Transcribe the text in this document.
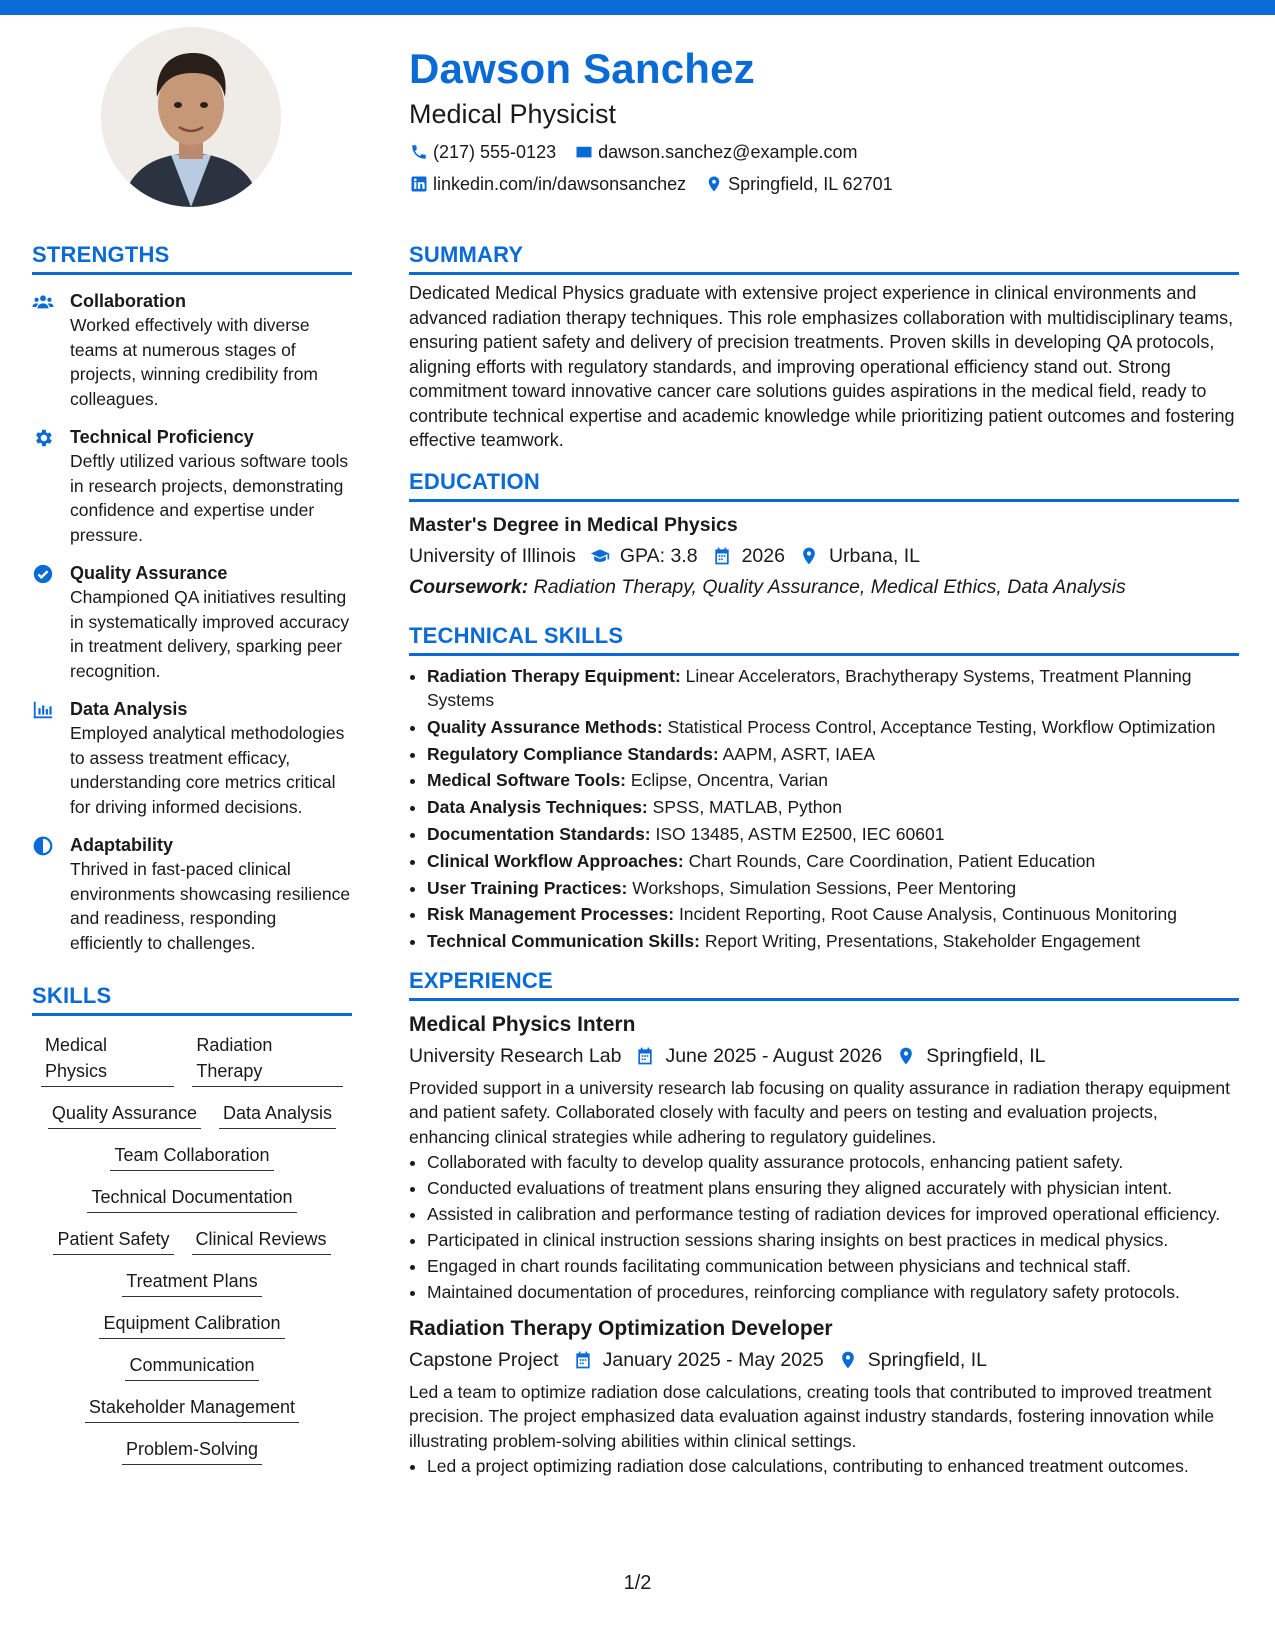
Dawson Sanchez
Medical Physicist
(217) 555-0123 dawson.sanchez@example.com
linkedin.com/in/dawsonsanchez Springfield, IL 62701
STRENGTHS
Collaboration
Worked effectively with diverse teams at numerous stages of projects, winning credibility from colleagues.
Technical Proficiency
Deftly utilized various software tools in research projects, demonstrating confidence and expertise under pressure.
Quality Assurance
Championed QA initiatives resulting in systematically improved accuracy in treatment delivery, sparking peer recognition.
Data Analysis
Employed analytical methodologies to assess treatment efficacy, understanding core metrics critical for driving informed decisions.
Adaptability
Thrived in fast-paced clinical environments showcasing resilience and readiness, responding efficiently to challenges.
SKILLS
Medical Physics
Radiation Therapy
Quality Assurance Data Analysis
Team Collaboration
Technical Documentation
Patient Safety Clinical Reviews
Treatment Plans
Equipment Calibration
Communication
Stakeholder Management
Problem-Solving
SUMMARY
Dedicated Medical Physics graduate with extensive project experience in clinical environments and advanced radiation therapy techniques. This role emphasizes collaboration with multidisciplinary teams, ensuring patient safety and delivery of precision treatments. Proven skills in developing QA protocols, aligning efforts with regulatory standards, and improving operational efficiency stand out. Strong commitment toward innovative cancer care solutions guides aspirations in the medical field, ready to contribute technical expertise and academic knowledge while prioritizing patient outcomes and fostering effective teamwork.
EDUCATION
Master's Degree in Medical Physics
University of Illinois GPA: 3.8 2026 Urbana, IL
Coursework: Radiation Therapy, Quality Assurance, Medical Ethics, Data Analysis
TECHNICAL SKILLS
• Radiation Therapy Equipment: Linear Accelerators, Brachytherapy Systems, Treatment Planning Systems
• Quality Assurance Methods: Statistical Process Control, Acceptance Testing, Workflow Optimization
• Regulatory Compliance Standards: AAPM, ASRT, IAEA
• Medical Software Tools: Eclipse, Oncentra, Varian
• Data Analysis Techniques: SPSS, MATLAB, Python
• Documentation Standards: ISO 13485, ASTM E2500, IEC 60601
• Clinical Workflow Approaches: Chart Rounds, Care Coordination, Patient Education
• User Training Practices: Workshops, Simulation Sessions, Peer Mentoring
• Risk Management Processes: Incident Reporting, Root Cause Analysis, Continuous Monitoring
• Technical Communication Skills: Report Writing, Presentations, Stakeholder Engagement
EXPERIENCE
Medical Physics Intern
University Research Lab June 2025 - August 2026 Springfield, IL
Provided support in a university research lab focusing on quality assurance in radiation therapy equipment and patient safety. Collaborated closely with faculty and peers on testing and evaluation projects, enhancing clinical strategies while adhering to regulatory guidelines.
• Collaborated with faculty to develop quality assurance protocols, enhancing patient safety.
• Conducted evaluations of treatment plans ensuring they aligned accurately with physician intent.
• Assisted in calibration and performance testing of radiation devices for improved operational efficiency.
• Participated in clinical instruction sessions sharing insights on best practices in medical physics.
• Engaged in chart rounds facilitating communication between physicians and technical staff.
• Maintained documentation of procedures, reinforcing compliance with regulatory safety protocols.
Radiation Therapy Optimization Developer
Capstone Project January 2025 - May 2025 Springfield, IL
Led a team to optimize radiation dose calculations, creating tools that contributed to improved treatment precision. The project emphasized data evaluation against industry standards, fostering innovation while illustrating problem-solving abilities within clinical settings.
• Led a project optimizing radiation dose calculations, contributing to enhanced treatment outcomes.
1/2
